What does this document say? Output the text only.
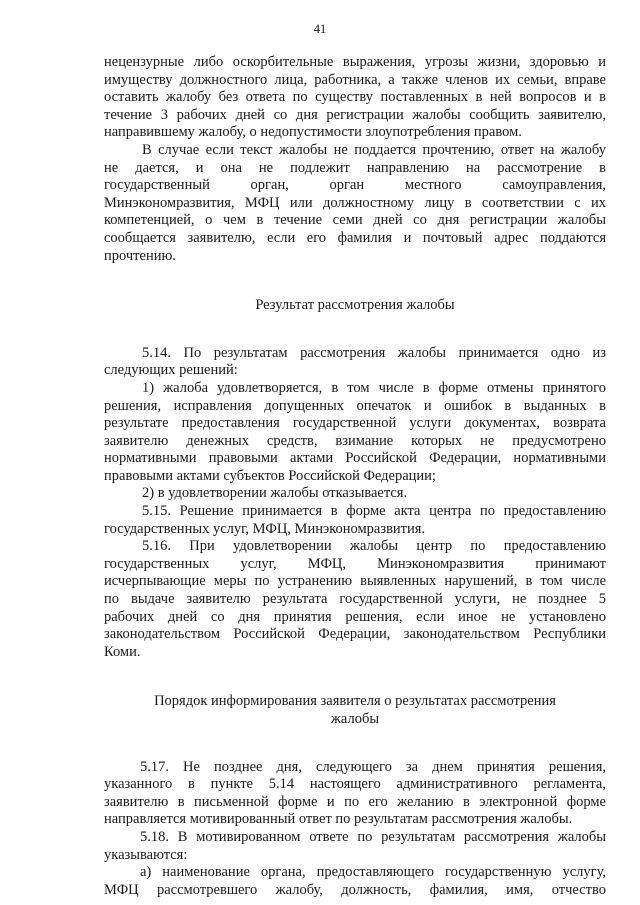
41
нецензурные либо оскорбительные выражения, угрозы жизни, здоровью и
имуществу должностного лица, работника, а также членов их семьи, вправе
оставить жалобу без ответа по существу поставленных в ней вопросов и в
течение 3 рабочих дней со дня регистрации жалобы сообщить заявителю,
направившему жалобу, о недопустимости злоупотребления правом.
В случае если текст жалобы не поддается прочтению, ответ на жалобу
не дается, и она не подлежит направлению на рассмотрение в
государственный орган, орган местного самоуправления,
Минэкономразвития, МФЦ или должностному лицу в соответствии с их
компетенцией, о чем в течение семи дней со дня регистрации жалобы
сообщается заявителю, если его фамилия и почтовый адрес поддаются
прочтению.
Результат рассмотрения жалобы
5.14. По результатам рассмотрения жалобы принимается одно из
следующих решений:
1) жалоба удовлетворяется, в том числе в форме отмены принятого
решения, исправления допущенных опечаток и ошибок в выданных в
результате предоставления государственной услуги документах, возврата
заявителю денежных средств, взимание которых не предусмотрено
нормативными правовыми актами Российской Федерации, нормативными
правовыми актами субъектов Российской Федерации;
2) в удовлетворении жалобы отказывается.
5.15. Решение принимается в форме акта центра по предоставлению
государственных услуг, МФЦ, Минэкономразвития.
5.16. При удовлетворении жалобы центр по предоставлению
государственных услуг, МФЦ, Минэкономразвития принимают
исчерпывающие меры по устранению выявленных нарушений, в том числе
по выдаче заявителю результата государственной услуги, не позднее 5
рабочих дней со дня принятия решения, если иное не установлено
законодательством Российской Федерации, законодательством Республики
Коми.
Порядок информирования заявителя о результатах рассмотрения
жалобы
5.17. Не позднее дня, следующего за днем принятия решения,
указанного в пункте 5.14 настоящего административного регламента,
заявителю в письменной форме и по его желанию в электронной форме
направляется мотивированный ответ по результатам рассмотрения жалобы.
5.18. В мотивированном ответе по результатам рассмотрения жалобы
указываются:
а) наименование органа, предоставляющего государственную услугу,
МФЦ рассмотревшего жалобу, должность, фамилия, имя, отчество
